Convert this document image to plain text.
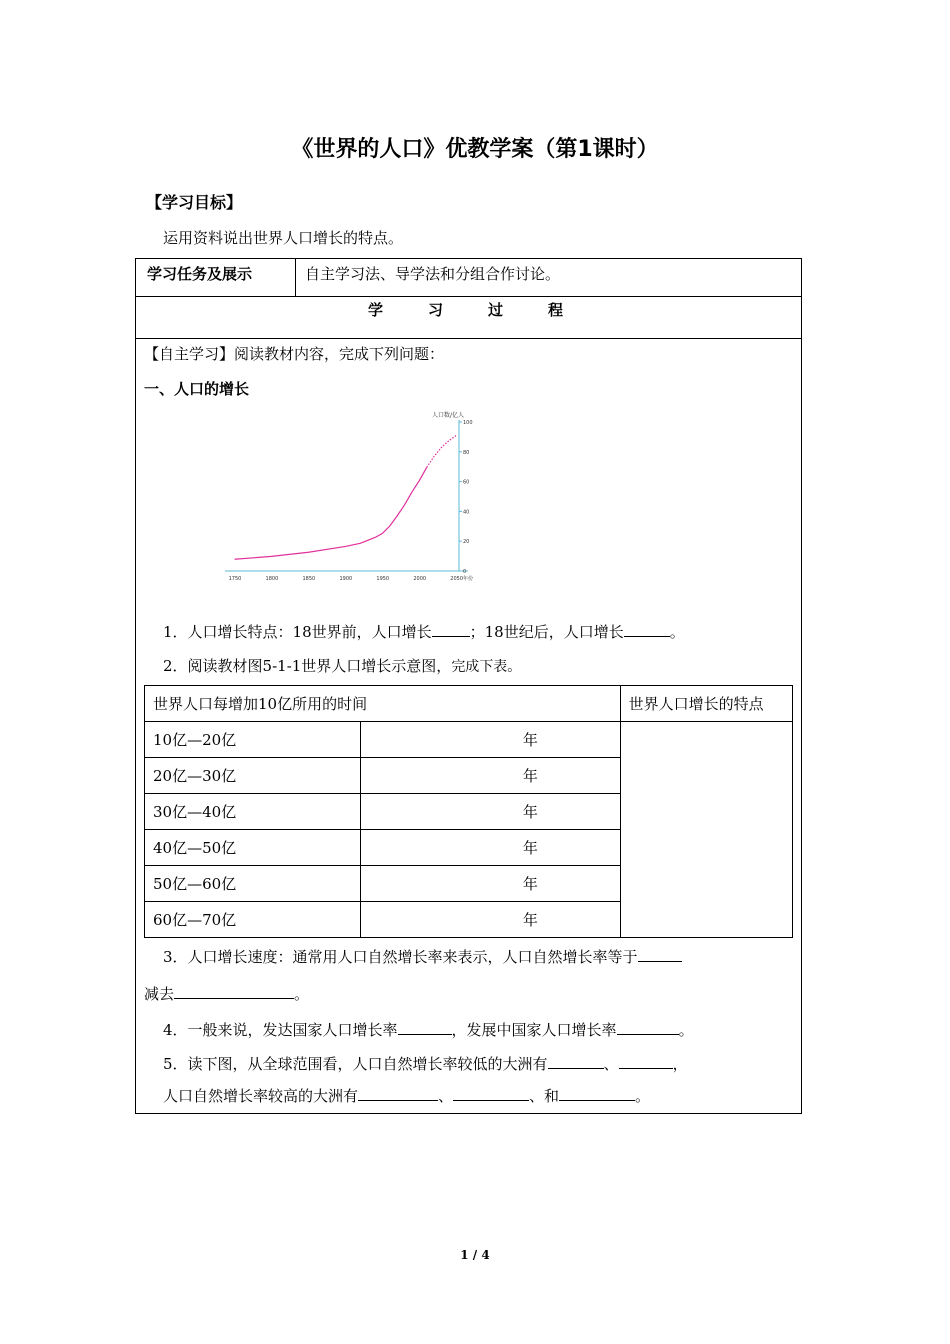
《世界的人口》优教学案（第1课时）
【学习目标】
运用资料说出世界人口增长的特点。
学习任务及展示	自主学习法、导学法和分组合作讨论。
学	习	过	程
【自主学习】阅读教材内容，完成下列问题：
一、人口的增长
0
20
40
60
80
100
人口数/亿人
1750	1800	1850	1900	1950	2000	2050年份
1．人口增长特点：18世界前，人口增长	；18世纪后，人口增长	。
2．阅读教材图5-1-1世界人口增长示意图，完成下表。
世界人口每增加10亿所用的时间		世界人口增长的特点
10亿—20亿	年	
20亿—30亿	年	
30亿—40亿	年	
40亿—50亿	年	
50亿—60亿	年	
60亿—70亿	年	
3．人口增长速度：通常用人口自然增长率来表示，人口自然增长率等于
减去	。
4．一般来说，发达国家人口增长率	，发展中国家人口增长率	。
5．读下图，从全球范围看，人口自然增长率较低的大洲有	、	，
人口自然增长率较高的大洲有	、	、和	。
1 / 4
